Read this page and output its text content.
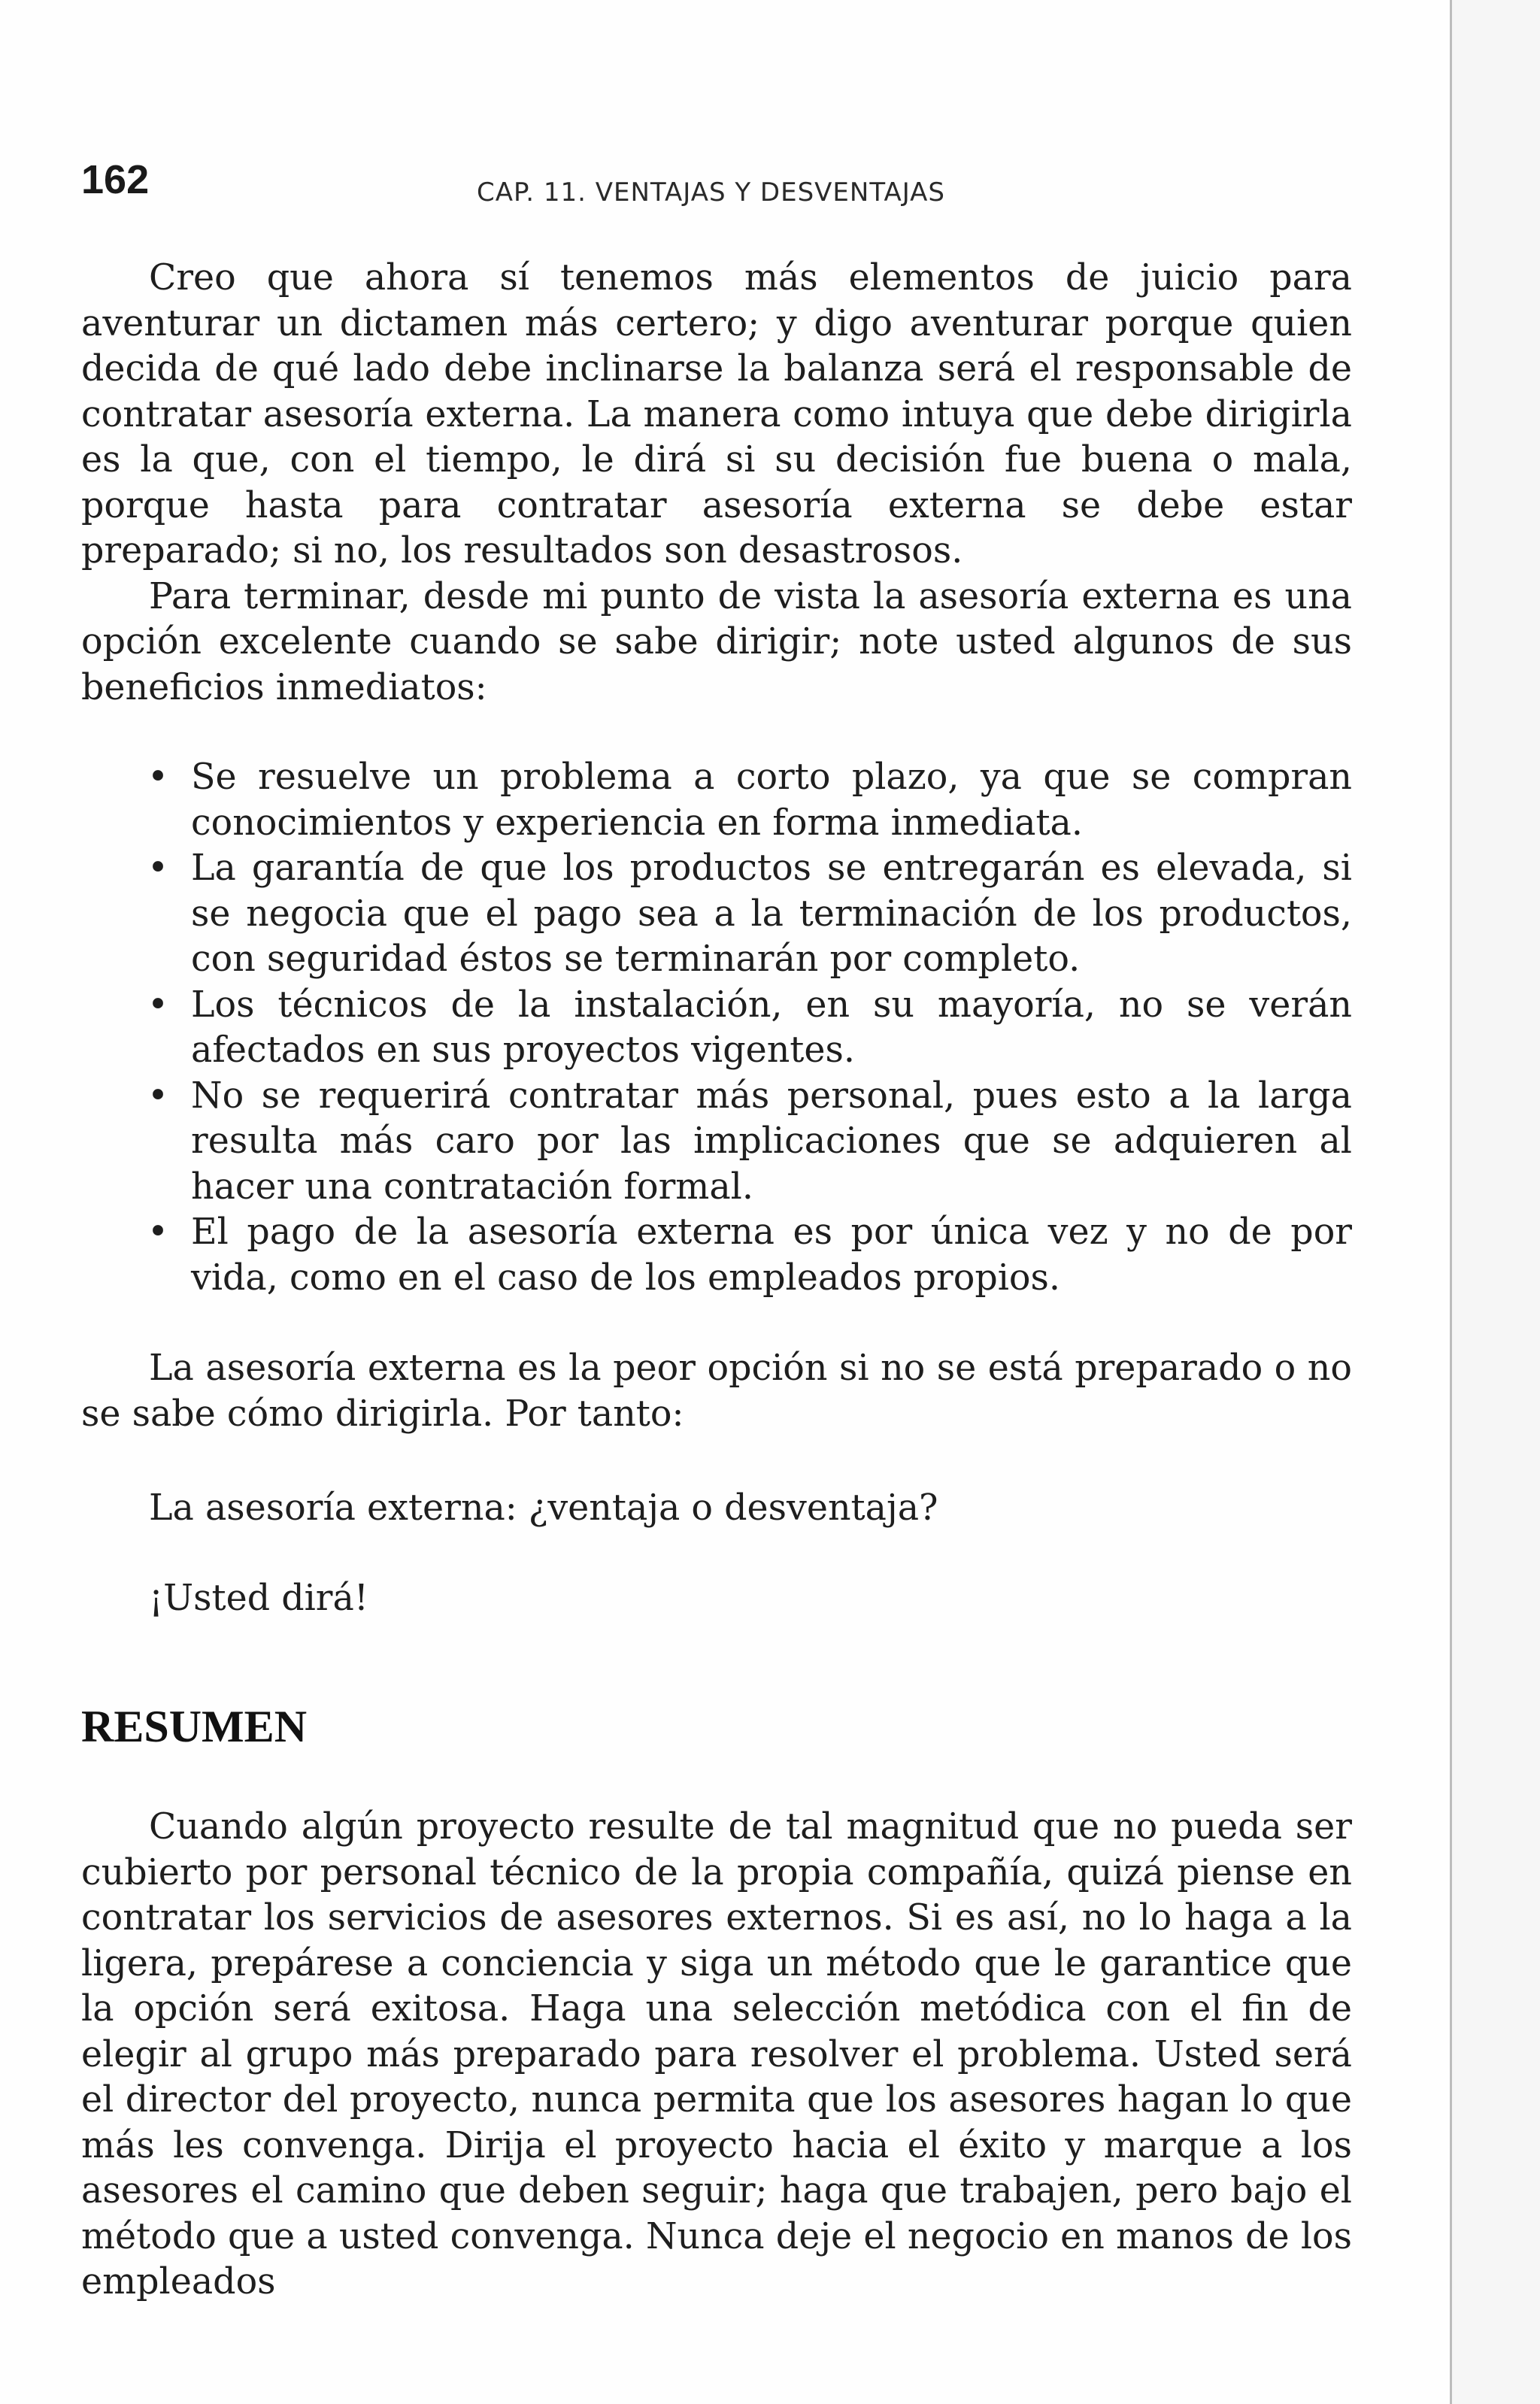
162	CAP. 11. VENTAJAS Y DESVENTAJAS

Creo que ahora sí tenemos más elementos de juicio para aventurar un dictamen más certero; y digo aventurar porque quien decida de qué lado debe inclinarse la balanza será el responsable de contratar asesoría externa. La manera como intuya que debe dirigirla es la que, con el tiempo, le dirá si su decisión fue buena o mala, porque hasta para contratar asesoría externa se debe estar preparado; si no, los resultados son desastrosos.

Para terminar, desde mi punto de vista la asesoría externa es una opción excelente cuando se sabe dirigir; note usted algunos de sus beneficios inmediatos:

• Se resuelve un problema a corto plazo, ya que se compran conocimientos y experiencia en forma inmediata.
• La garantía de que los productos se entregarán es elevada, si se negocia que el pago sea a la terminación de los productos, con seguridad éstos se terminarán por completo.
• Los técnicos de la instalación, en su mayoría, no se verán afectados en sus proyectos vigentes.
• No se requerirá contratar más personal, pues esto a la larga resulta más caro por las implicaciones que se adquieren al hacer una contratación formal.
• El pago de la asesoría externa es por única vez y no de por vida, como en el caso de los empleados propios.

La asesoría externa es la peor opción si no se está preparado o no se sabe cómo dirigirla. Por tanto:

La asesoría externa: ¿ventaja o desventaja?
¡Usted dirá!
RESUMEN

Cuando algún proyecto resulte de tal magnitud que no pueda ser cubierto por personal técnico de la propia compañía, quizá piense en contratar los servicios de asesores externos. Si es así, no lo haga a la ligera, prepárese a conciencia y siga un método que le garantice que la opción será exitosa. Haga una selección metódica con el fin de elegir al grupo más preparado para resolver el problema. Usted será el director del proyecto, nunca permita que los asesores hagan lo que más les convenga. Dirija el proyecto hacia el éxito y marque a los asesores el camino que deben seguir; haga que trabajen, pero bajo el método que a usted convenga. Nunca deje el negocio en manos de los empleados
